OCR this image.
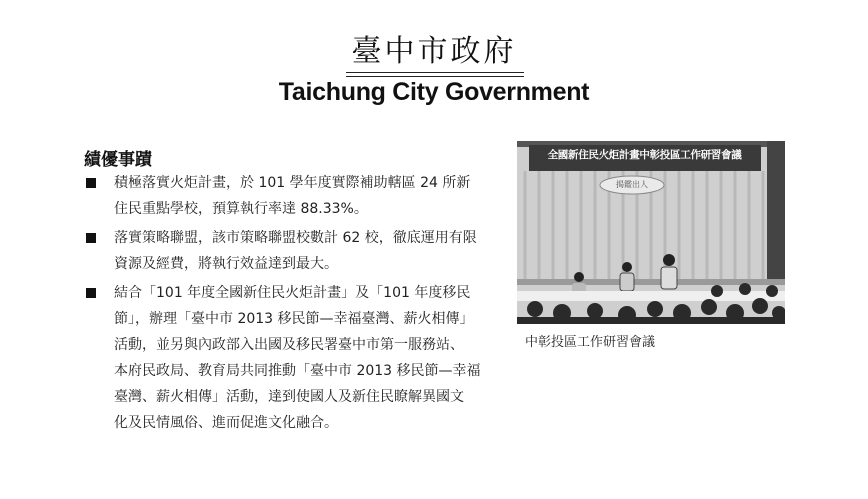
臺中市政府
Taichung City Government
績優事蹟
積極落實火炬計畫，於 101 學年度實際補助轄區 24 所新
住民重點學校，預算執行率達 88.33%。
落實策略聯盟，該市策略聯盟校數計 62 校，徹底運用有限
資源及經費，將執行效益達到最大。
結合「101 年度全國新住民火炬計畫」及「101 年度移民
節」，辦理「臺中市 2013 移民節—幸福臺灣、薪火相傳」
活動，並另與內政部入出國及移民署臺中市第一服務站、
本府民政局、教育局共同推動「臺中市 2013 移民節—幸福
臺灣、薪火相傳」活動，達到使國人及新住民瞭解異國文
化及民情風俗、進而促進文化融合。
全國新住民火炬計畫中彰投區工作研習會議
揭鑑出人
中彰投區工作研習會議
